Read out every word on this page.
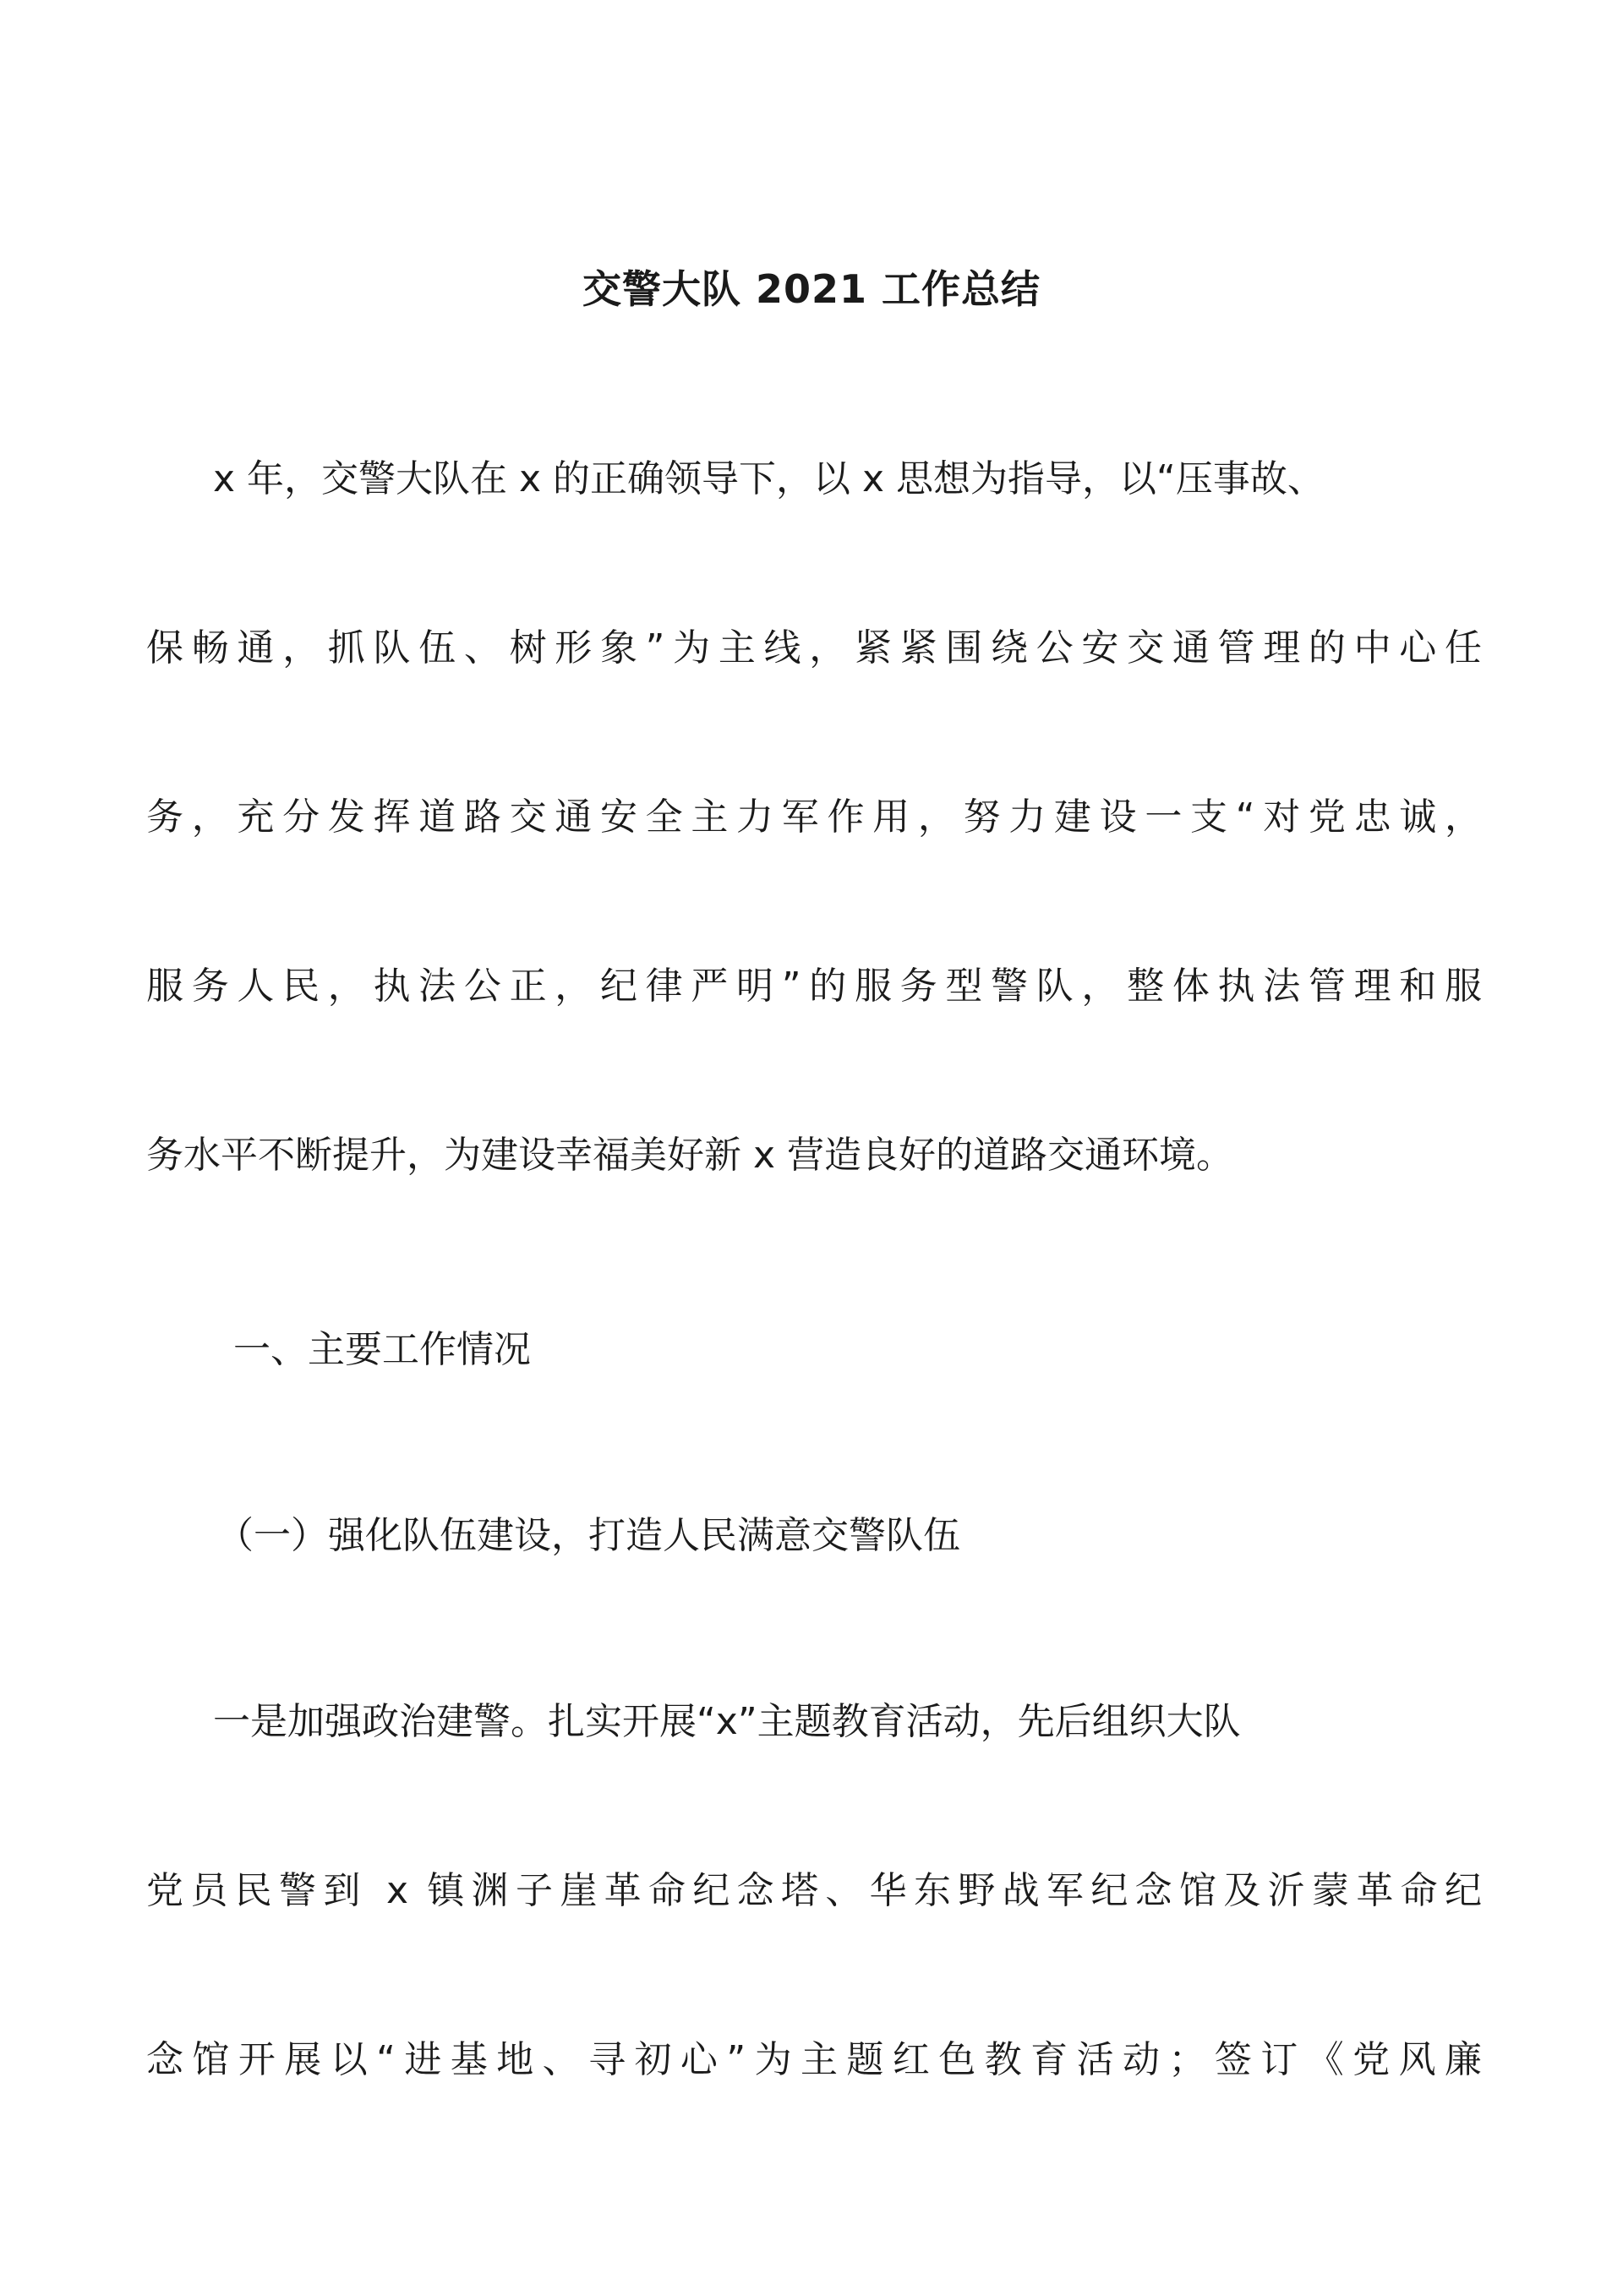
交警大队 2021 工作总结
x 年，交警大队在 x 的正确领导下，以 x 思想为指导，以“压事故、
保畅通，抓队伍、树形象”为主线，紧紧围绕公安交通管理的中心任
务，充分发挥道路交通安全主力军作用，努力建设一支“对党忠诚，
服务人民，执法公正，纪律严明”的服务型警队，整体执法管理和服
务水平不断提升，为建设幸福美好新 x 营造良好的道路交通环境。
一、主要工作情况
（一）强化队伍建设，打造人民满意交警队伍
一是加强政治建警。扎实开展“x”主题教育活动，先后组织大队
党员民警到 x 镇渊子崖革命纪念塔、华东野战军纪念馆及沂蒙革命纪
念馆开展以“进基地、寻初心”为主题红色教育活动；签订《党风廉
